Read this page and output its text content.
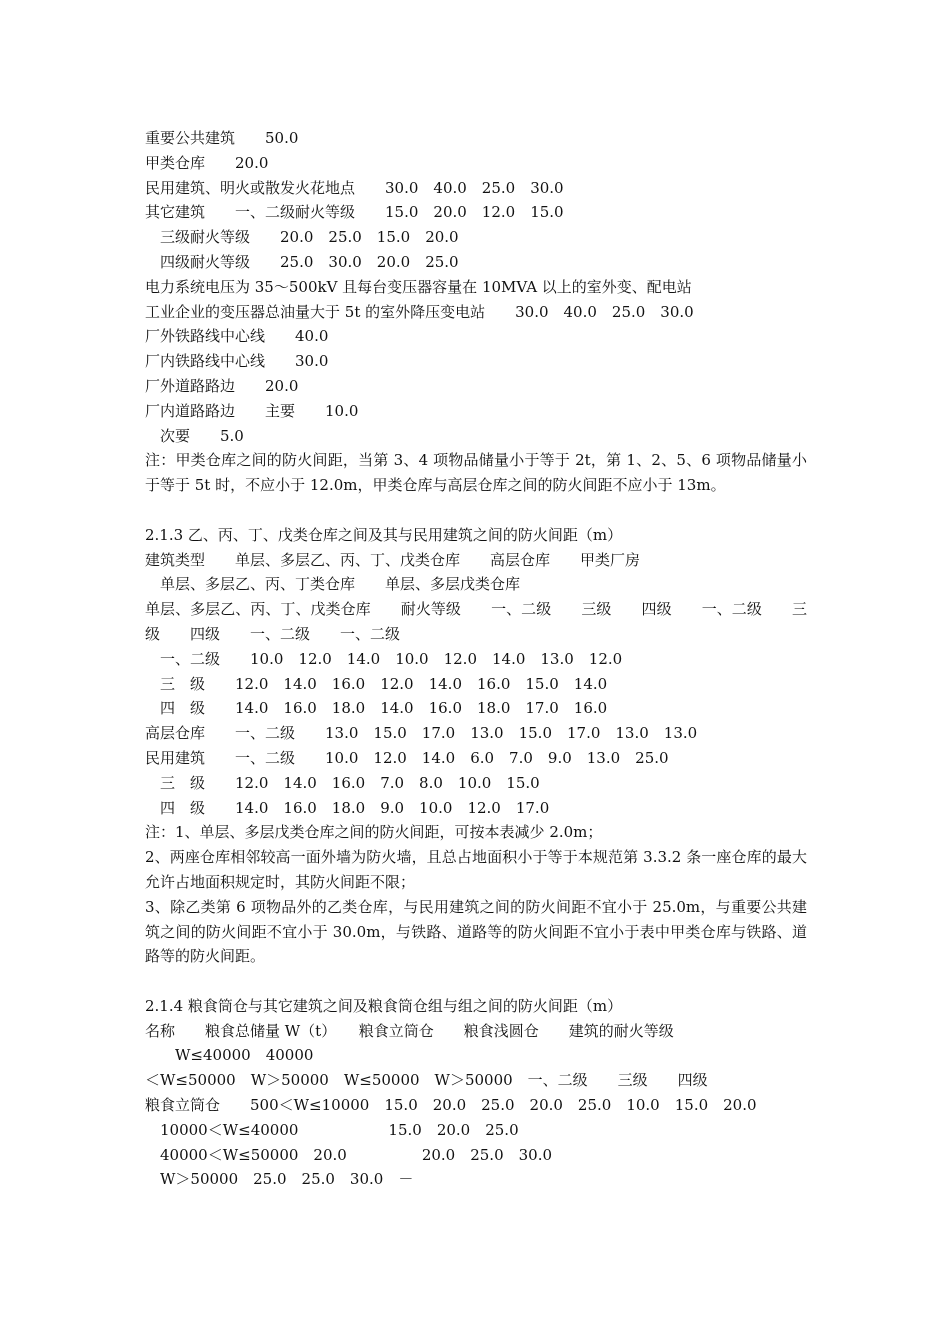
重要公共建筑　　50.0
甲类仓库　　20.0
民用建筑、明火或散发火花地点　　30.0　40.0　25.0　30.0
其它建筑　　一、二级耐火等级　　15.0　20.0　12.0　15.0
　三级耐火等级　　20.0　25.0　15.0　20.0
　四级耐火等级　　25.0　30.0　20.0　25.0
电力系统电压为 35～500kV 且每台变压器容量在 10MVA 以上的室外变、配电站
工业企业的变压器总油量大于 5t 的室外降压变电站　　30.0　40.0　25.0　30.0
厂外铁路线中心线　　40.0
厂内铁路线中心线　　30.0
厂外道路路边　　20.0
厂内道路路边　　主要　　10.0
　次要　　5.0
注：甲类仓库之间的防火间距，当第 3、4 项物品储量小于等于 2t，第 1、2、5、6 项物品储量小于等于 5t 时，不应小于 12.0m，甲类仓库与高层仓库之间的防火间距不应小于 13m。
2.1.3 乙、丙、丁、戊类仓库之间及其与民用建筑之间的防火间距（m）
建筑类型　　单层、多层乙、丙、丁、戊类仓库　　高层仓库　　甲类厂房
　单层、多层乙、丙、丁类仓库　　单层、多层戊类仓库
单层、多层乙、丙、丁、戊类仓库　　耐火等级　　一、二级　　三级　　四级　　一、二级　　三级　　四级　　一、二级　　一、二级
　一、二级　　10.0　12.0　14.0　10.0　12.0　14.0　13.0　12.0
　三　级　　12.0　14.0　16.0　12.0　14.0　16.0　15.0　14.0
　四　级　　14.0　16.0　18.0　14.0　16.0　18.0　17.0　16.0
高层仓库　　一、二级　　13.0　15.0　17.0　13.0　15.0　17.0　13.0　13.0
民用建筑　　一、二级　　10.0　12.0　14.0　6.0　7.0　9.0　13.0　25.0
　三　级　　12.0　14.0　16.0　7.0　8.0　10.0　15.0
　四　级　　14.0　16.0　18.0　9.0　10.0　12.0　17.0
注：1、单层、多层戊类仓库之间的防火间距，可按本表减少 2.0m；
2、两座仓库相邻较高一面外墙为防火墙，且总占地面积小于等于本规范第 3.3.2 条一座仓库的最大允许占地面积规定时，其防火间距不限；
3、除乙类第 6 项物品外的乙类仓库，与民用建筑之间的防火间距不宜小于 25.0m，与重要公共建筑之间的防火间距不宜小于 30.0m，与铁路、道路等的防火间距不宜小于表中甲类仓库与铁路、道路等的防火间距。
2.1.4 粮食筒仓与其它建筑之间及粮食筒仓组与组之间的防火间距（m）
名称　　粮食总储量 W（t）　　粮食立筒仓　　粮食浅圆仓　　建筑的耐火等级
　　W≤40000　40000
＜W≤50000　W＞50000　W≤50000　W＞50000　一、二级　　三级　　四级
粮食立筒仓　　500＜W≤10000　15.0　20.0　25.0　20.0　25.0　10.0　15.0　20.0
　10000＜W≤40000　　　　　　15.0　20.0　25.0
　40000＜W≤50000　20.0　　　　　20.0　25.0　30.0
　W＞50000　25.0　25.0　30.0　－
